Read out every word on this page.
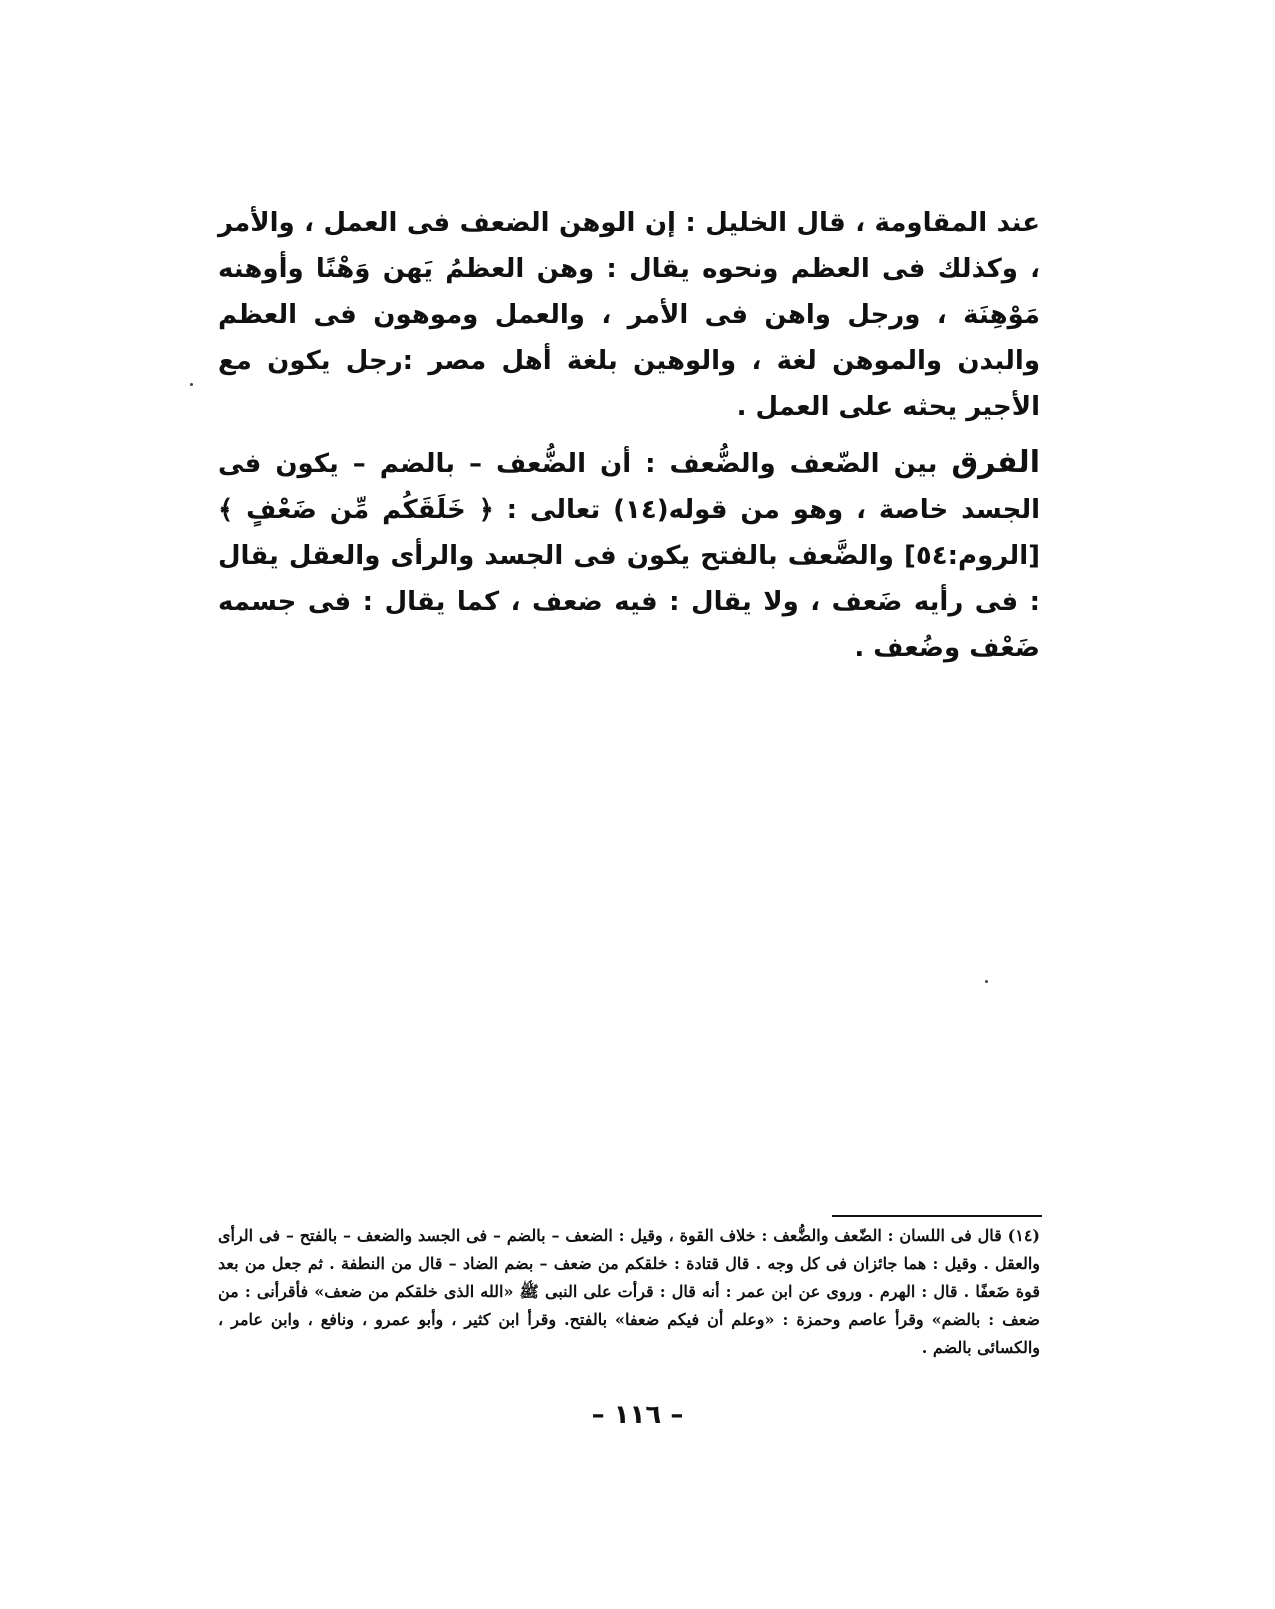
عند المقاومة ، قال الخليل : إن الوهن الضعف فى العمل ، والأمر ، وكذلك فى العظم ونحوه يقال : وهن العظمُ يَهن وَهْنًا وأوهنه مَوْهِنَة ، ورجل واهن فى الأمر ، والعمل وموهون فى العظم والبدن والموهن لغة ، والوهين بلغة أهل مصر :رجل يكون مع الأجير يحثه على العمل .

الفرق بين الضّعف والضُّعف : أن الضُّعف – بالضم – يكون فى الجسد خاصة ، وهو من قوله(١٤) تعالى : ﴿ خَلَقَكُم مِّن ضَعْفٍ ﴾ [الروم:٥٤] والضَّعف بالفتح يكون فى الجسد والرأى والعقل يقال : فى رأيه ضَعف ، ولا يقال : فيه ضعف ، كما يقال : فى جسمه ضَعْف وضُعف .

(١٤) قال فى اللسان : الضّعف والضُّعف : خلاف القوة ، وقيل : الضعف – بالضم – فى الجسد والضعف – بالفتح – فى الرأى والعقل . وقيل : هما جائزان فى كل وجه . قال قتادة : خلقكم من ضعف – بضم الضاد – قال من النطفة . ثم جعل من بعد قوة ضَعفًا . قال : الهرم . وروى عن ابن عمر : أنه قال : قرأت على النبى ﷺ «الله الذى خلقكم من ضعف» فأقرأنى : من ضعف : بالضم» وقرأ عاصم وحمزة : «وعلم أن فيكم ضعفا» بالفتح. وقرأ ابن كثير ، وأبو عمرو ، ونافع ، وابن عامر ، والكسائى بالضم .

– ١١٦ –
